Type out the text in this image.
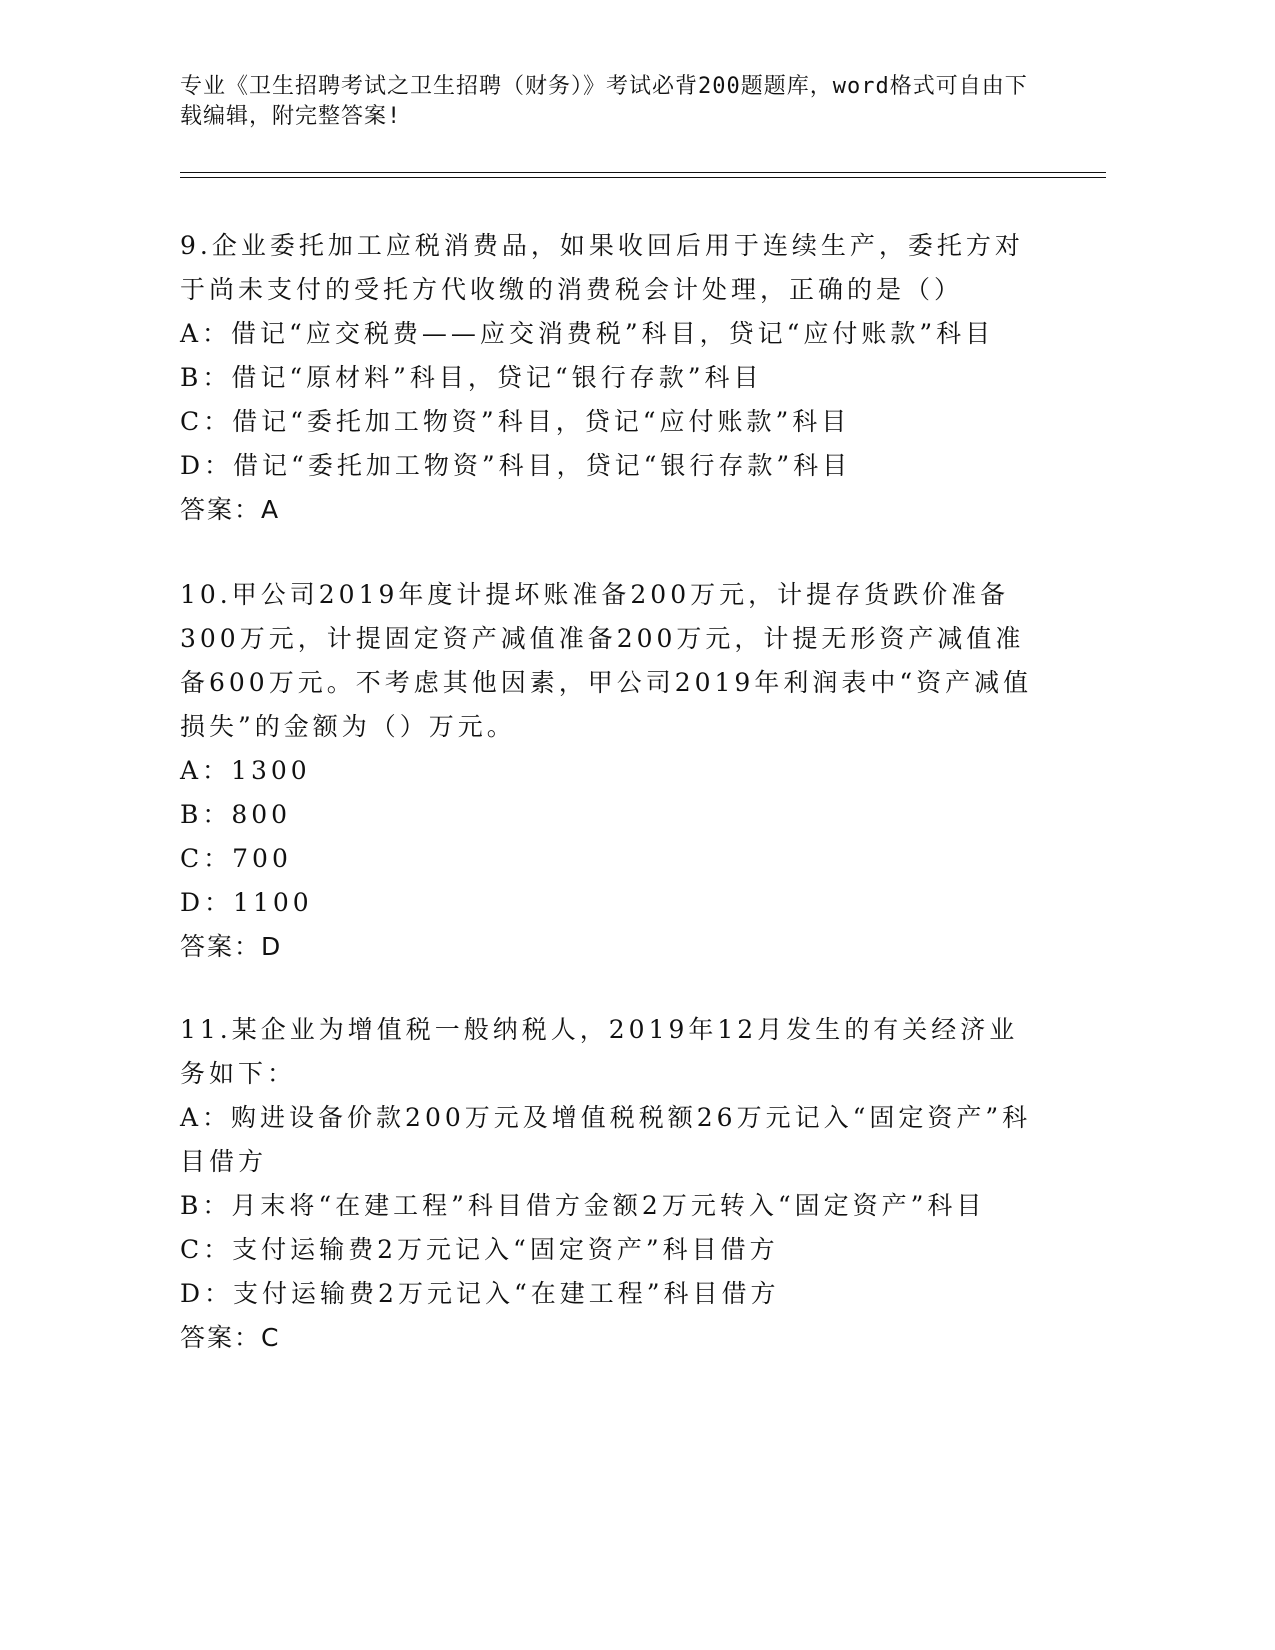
专业《卫生招聘考试之卫生招聘（财务）》考试必背200题题库，word格式可自由下载编辑，附完整答案!

9.企业委托加工应税消费品，如果收回后用于连续生产，委托方对于尚未支付的受托方代收缴的消费税会计处理，正确的是（）

A：借记“应交税费——应交消费税”科目，贷记“应付账款”科目

B：借记“原材料”科目，贷记“银行存款”科目

C：借记“委托加工物资”科目，贷记“应付账款”科目

D：借记“委托加工物资”科目，贷记“银行存款”科目

答案：A

10.甲公司2019年度计提坏账准备200万元，计提存货跌价准备300万元，计提固定资产减值准备200万元，计提无形资产减值准备600万元。不考虑其他因素，甲公司2019年利润表中“资产减值损失”的金额为（）万元。

A：1300

B：800

C：700

D：1100

答案：D

11.某企业为增值税一般纳税人，2019年12月发生的有关经济业务如下：

A：购进设备价款200万元及增值税税额26万元记入“固定资产”科目借方

B：月末将“在建工程”科目借方金额2万元转入“固定资产”科目

C：支付运输费2万元记入“固定资产”科目借方

D：支付运输费2万元记入“在建工程”科目借方

答案：C
